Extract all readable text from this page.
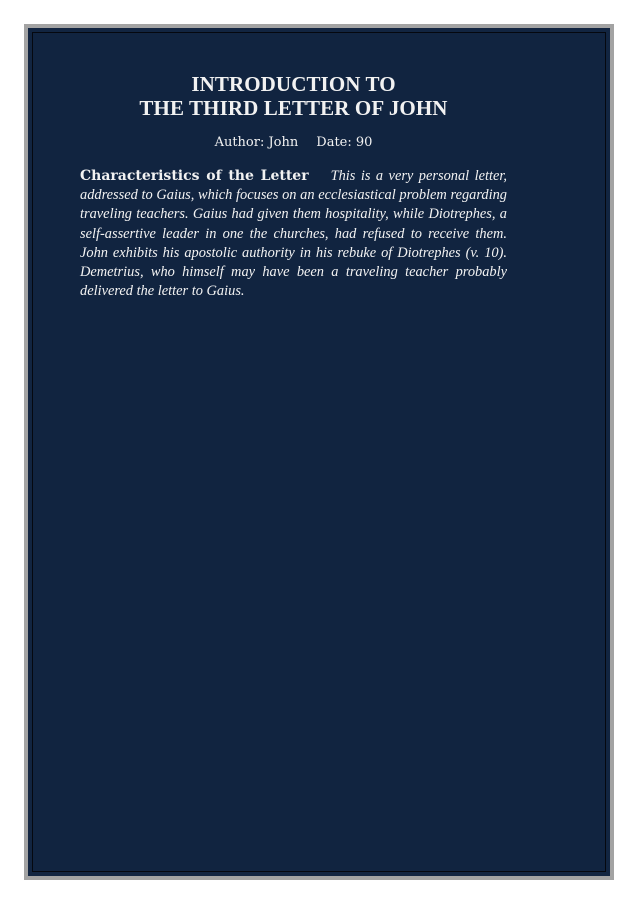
INTRODUCTION TO
THE THIRD LETTER OF JOHN
Author: John Date: 90
Characteristics of the Letter This is a very personal letter, addressed to Gaius, which focuses on an ecclesiastical problem regarding traveling teachers. Gaius had given them hospitality, while Diotrephes, a self-assertive leader in one the churches, had refused to receive them. John exhibits his apostolic authority in his rebuke of Diotrephes (v. 10). Demetrius, who himself may have been a traveling teacher probably delivered the letter to Gaius.
